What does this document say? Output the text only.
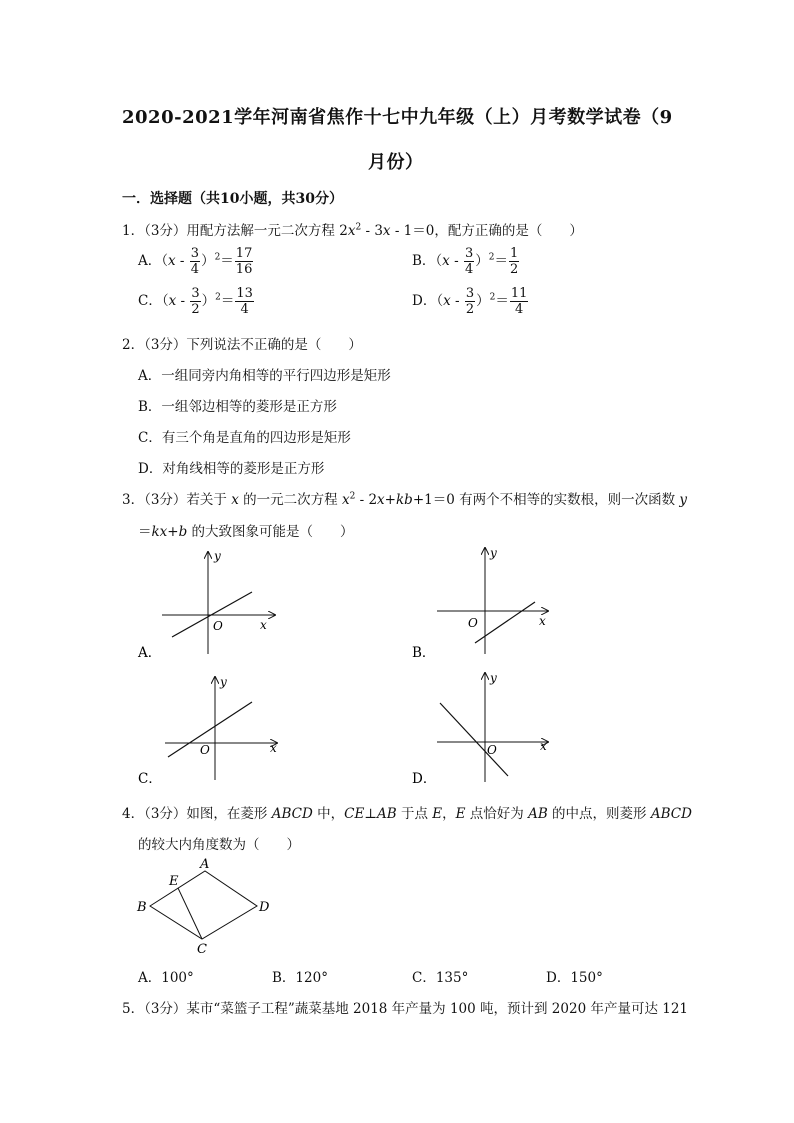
2020-2021学年河南省焦作十七中九年级（上）月考数学试卷（9
月份）
一．选择题（共10小题，共30分）
1．（3分）用配方法解一元二次方程 $2x^2 - 3x - 1=0$，配方正确的是（　　）
A．$(x - \frac{3}{4} )^2= \frac{17}{16}$	B．$(x - \frac{3}{4} )^2= \frac{1}{2}$
C．$(x - \frac{3}{2} )^2= \frac{13}{4}$	D．$(x - \frac{3}{2} )^2= \frac{11}{4}$
2．（3分）下列说法不正确的是（　　）
A．一组同旁内角相等的平行四边形是矩形
B．一组邻边相等的菱形是正方形
C．有三个角是直角的四边形是矩形
D．对角线相等的菱形是正方形
3．（3分）若关于 x 的一元二次方程 $x^2 - 2x+kb+1=0$ 有两个不相等的实数根，则一次函数 y
＝kx+b 的大致图象可能是（　　）
y
x
O
A．
y
x
O
B．
y
x
O
C．
y
x
O
D．
4．（3分）如图，在菱形 ABCD 中，CE⊥AB 于点 E，E 点恰好为 AB 的中点，则菱形 ABCD
的较大内角度数为（　　）
A
E
B	D
C
A．100°	B．120°	C．135°	D．150°
5．（3分）某市“菜篮子工程”蔬菜基地 2018 年产量为 100 吨，预计到 2020 年产量可达 121
